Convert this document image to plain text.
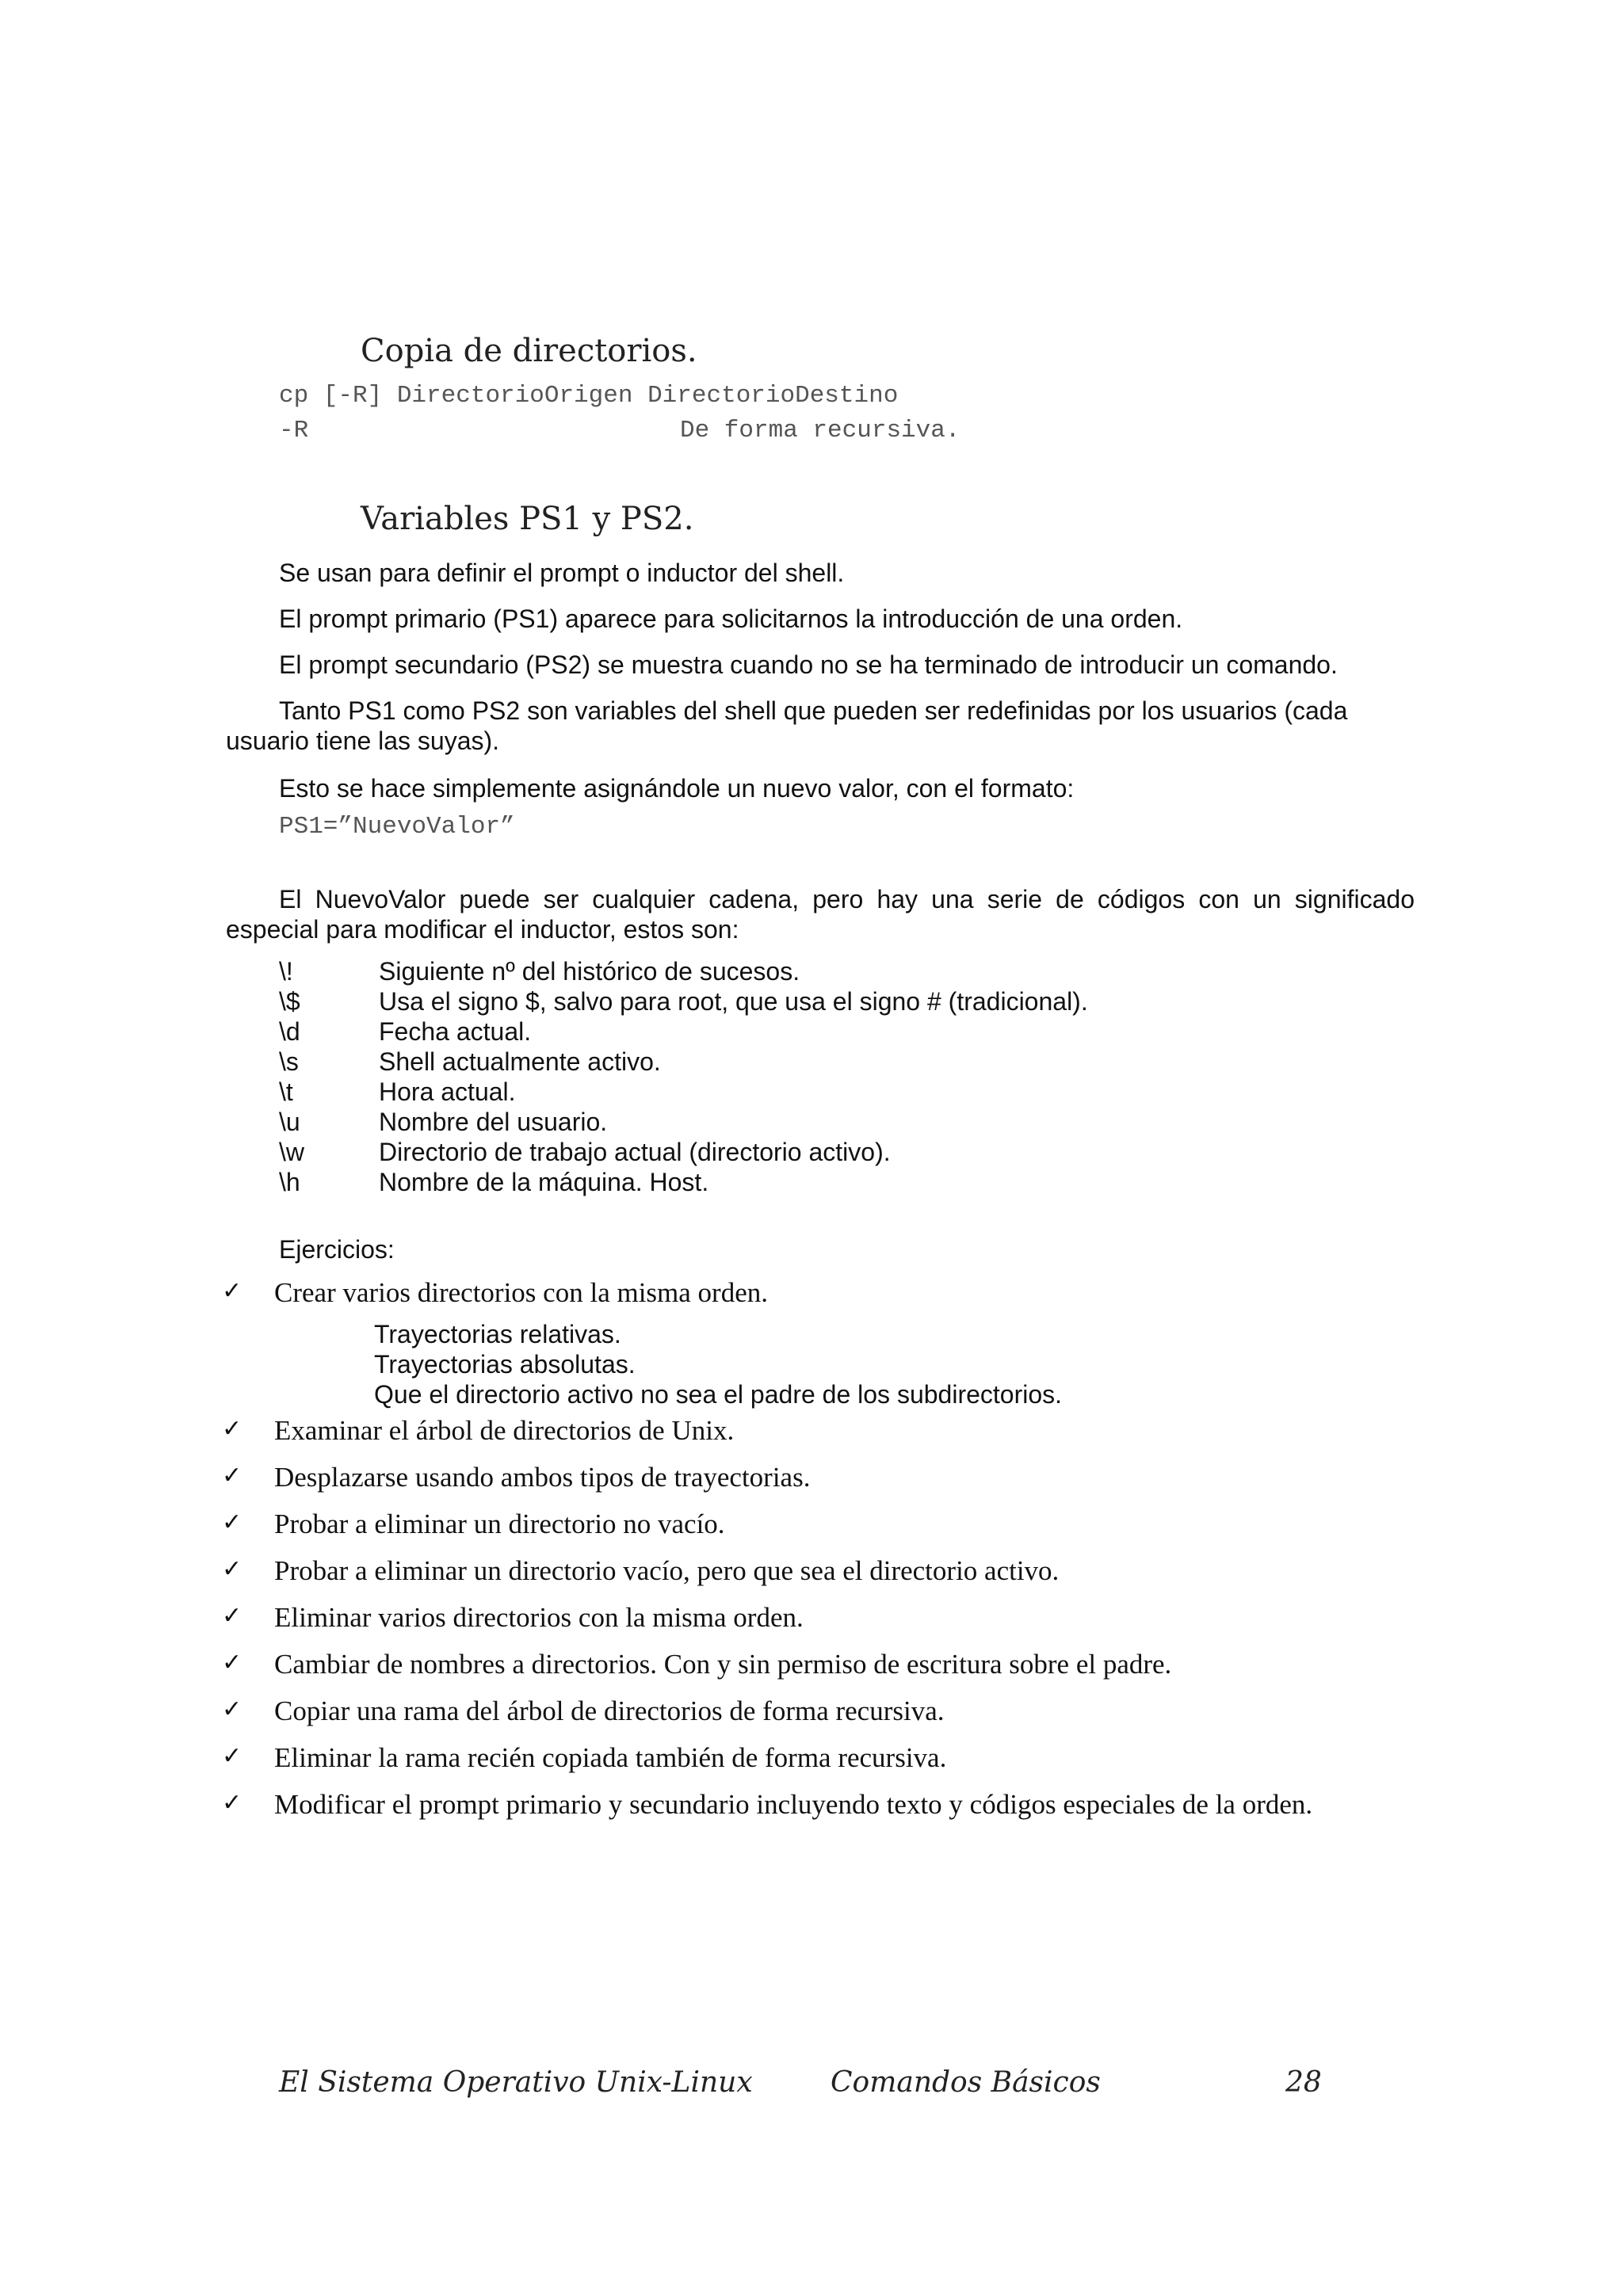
Copia de directorios.
cp [-R] DirectorioOrigen DirectorioDestino
-R	De forma recursiva.
Variables PS1 y PS2.
Se usan para definir el prompt o inductor del shell.
El prompt primario (PS1) aparece para solicitarnos la introducción de una orden.
El prompt secundario (PS2) se muestra cuando no se ha terminado de introducir un comando.
Tanto PS1 como PS2 son variables del shell que pueden ser redefinidas por los usuarios (cada usuario tiene las suyas).
Esto se hace simplemente asignándole un nuevo valor, con el formato:
PS1=”NuevoValor”
El NuevoValor puede ser cualquier cadena, pero hay una serie de códigos con un significado especial para modificar el inductor, estos son:
\!	Siguiente nº del histórico de sucesos.
\$	Usa el signo $, salvo para root, que usa el signo # (tradicional).
\d	Fecha actual.
\s	Shell actualmente activo.
\t	Hora actual.
\u	Nombre del usuario.
\w	Directorio de trabajo actual (directorio activo).
\h	Nombre de la máquina. Host.
Ejercicios:
✓ Crear varios directorios con la misma orden.
Trayectorias relativas.
Trayectorias absolutas.
Que el directorio activo no sea el padre de los subdirectorios.
✓ Examinar el árbol de directorios de Unix.
✓ Desplazarse usando ambos tipos de trayectorias.
✓ Probar a eliminar un directorio no vacío.
✓ Probar a eliminar un directorio vacío, pero que sea el directorio activo.
✓ Eliminar varios directorios con la misma orden.
✓ Cambiar de nombres a directorios. Con y sin permiso de escritura sobre el padre.
✓ Copiar una rama del árbol de directorios de forma recursiva.
✓ Eliminar la rama recién copiada también de forma recursiva.
✓ Modificar el prompt primario y secundario incluyendo texto y códigos especiales de la orden.
El Sistema Operativo Unix-Linux	Comandos Básicos	28
